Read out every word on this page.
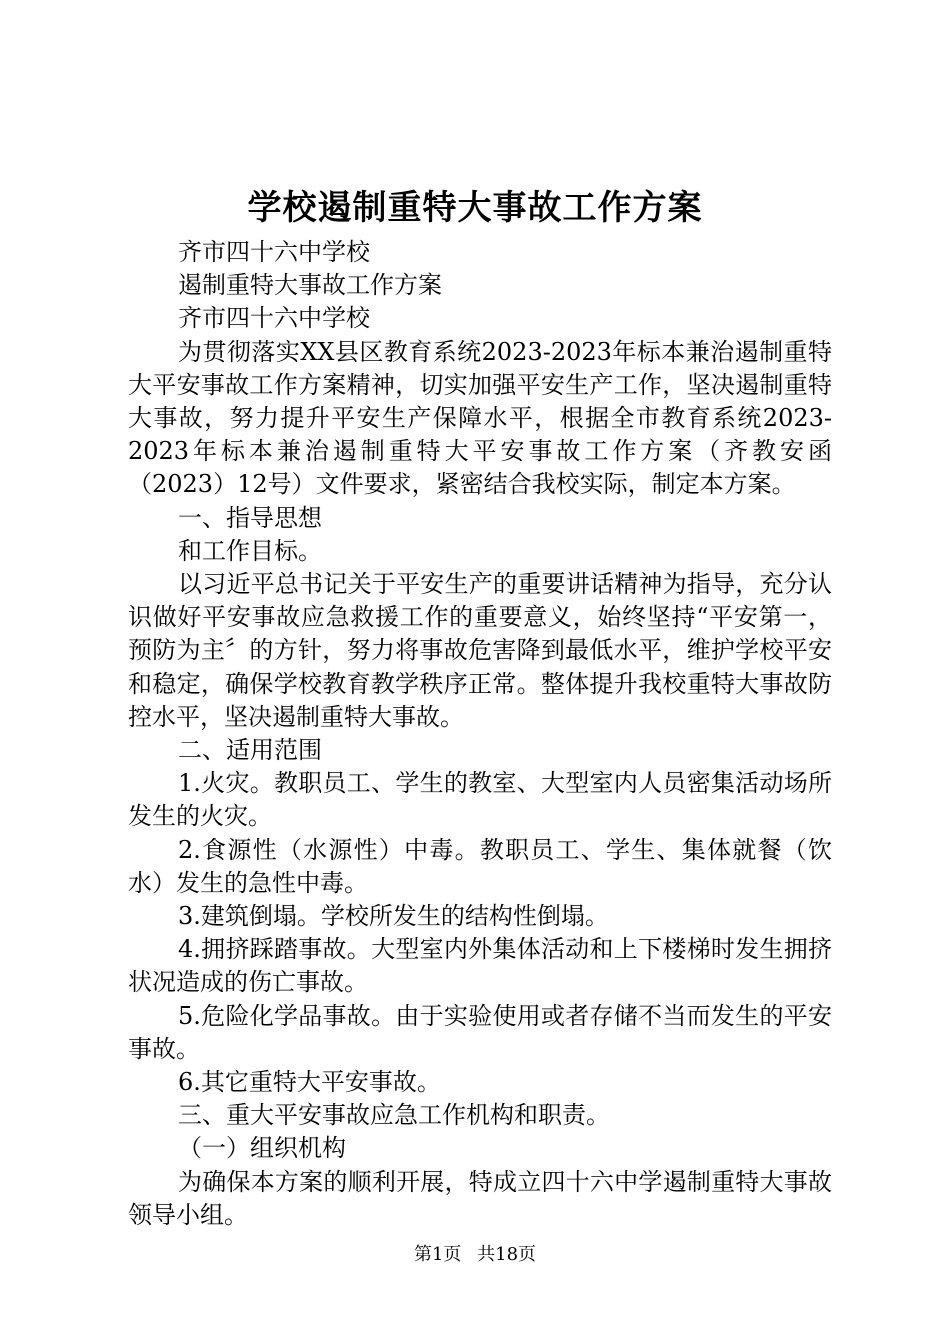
学校遏制重特大事故工作方案

齐市四十六中学校

遏制重特大事故工作方案

齐市四十六中学校

为贯彻落实XX县区教育系统2023-2023年标本兼治遏制重特大平安事故工作方案精神，切实加强平安生产工作，坚决遏制重特大事故，努力提升平安生产保障水平，根据全市教育系统2023-2023年标本兼治遏制重特大平安事故工作方案（齐教安函（2023）12号）文件要求，紧密结合我校实际，制定本方案。

一、指导思想

和工作目标。

以习近平总书记关于平安生产的重要讲话精神为指导，充分认识做好平安事故应急救援工作的重要意义，始终坚持“平安第一，预防为主〞的方针，努力将事故危害降到最低水平，维护学校平安和稳定，确保学校教育教学秩序正常。整体提升我校重特大事故防控水平，坚决遏制重特大事故。

二、适用范围

1.火灾。教职员工、学生的教室、大型室内人员密集活动场所发生的火灾。

2.食源性（水源性）中毒。教职员工、学生、集体就餐（饮水）发生的急性中毒。

3.建筑倒塌。学校所发生的结构性倒塌。

4.拥挤踩踏事故。大型室内外集体活动和上下楼梯时发生拥挤状况造成的伤亡事故。

5.危险化学品事故。由于实验使用或者存储不当而发生的平安事故。

6.其它重特大平安事故。

三、重大平安事故应急工作机构和职责。

（一）组织机构

为确保本方案的顺利开展，特成立四十六中学遏制重特大事故领导小组。

第1页 共18页
